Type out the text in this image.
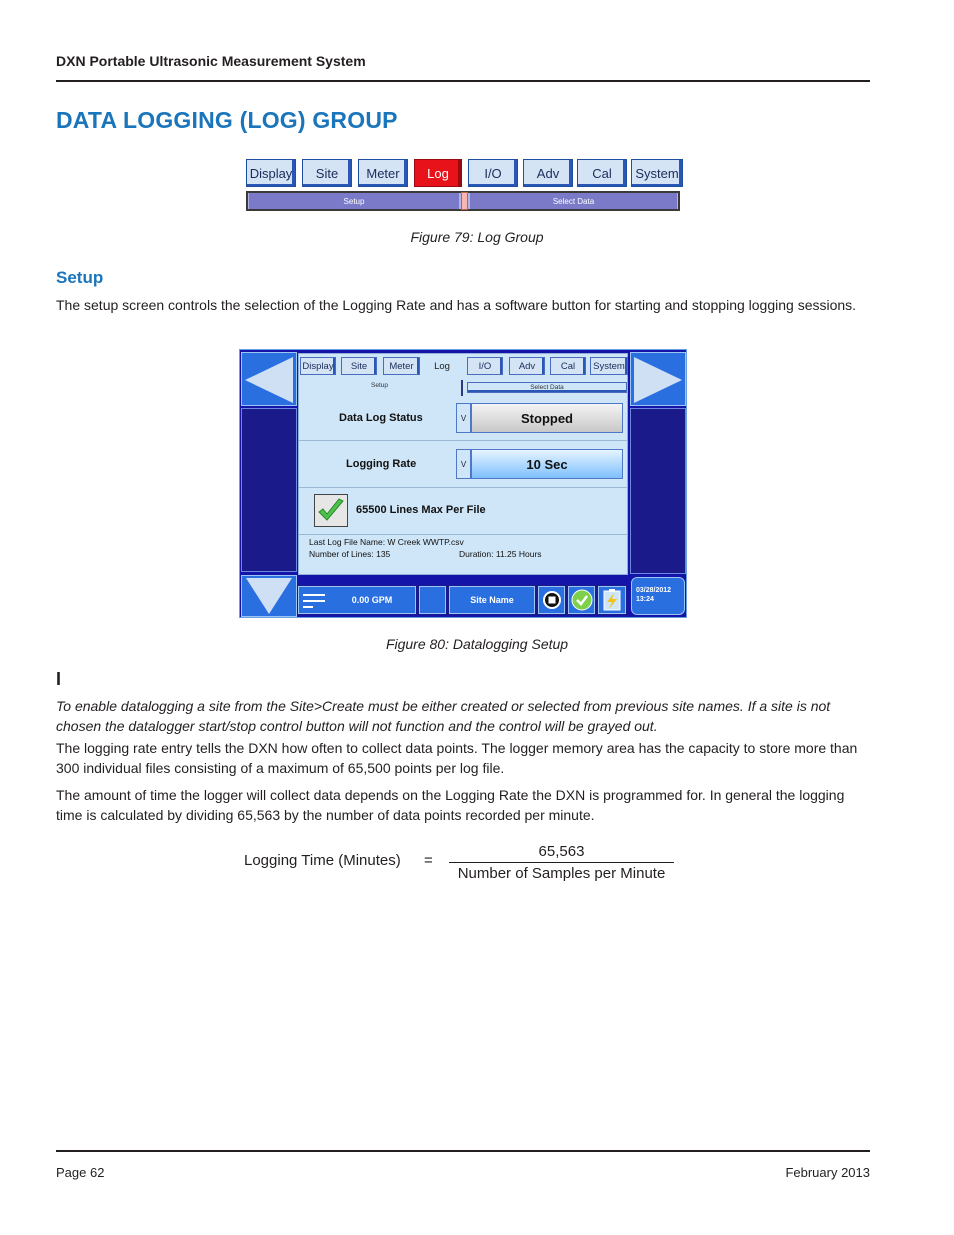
DXN Portable Ultrasonic Measurement System
DATA LOGGING (LOG) GROUP
Display	Site	Meter	Log	I/O	Adv	Cal	System
Setup	Select Data
Figure 79: Log Group
Setup
The setup screen controls the selection of the Logging Rate and has a software button for starting and stopping logging sessions.
Display	Site	Meter	Log	I/O	Adv	Cal	System
Setup	Select Data
Data Log Status	V	Stopped
Logging Rate	V	10 Sec
65500 Lines Max Per File
Last Log File Name: W Creek WWTP.csv
Number of Lines: 135	Duration: 11.25 Hours
0.00 GPM	Site Name
03/28/2012
13:24
Figure 80: Datalogging Setup
I
To enable datalogging a site from the Site>Create must be either created or selected from previous site names. If a site is not chosen the datalogger start/stop control button will not function and the control will be grayed out.
The logging rate entry tells the DXN how often to collect data points. The logger memory area has the capacity to store more than 300 individual files consisting of a maximum of 65,500 points per log file.
The amount of time the logger will collect data depends on the Logging Rate the DXN is programmed for. In general the logging time is calculated by dividing 65,563 by the number of data points recorded per minute.
Logging Time (Minutes) =
65,563
Number of Samples per Minute
Page 62	February 2013
